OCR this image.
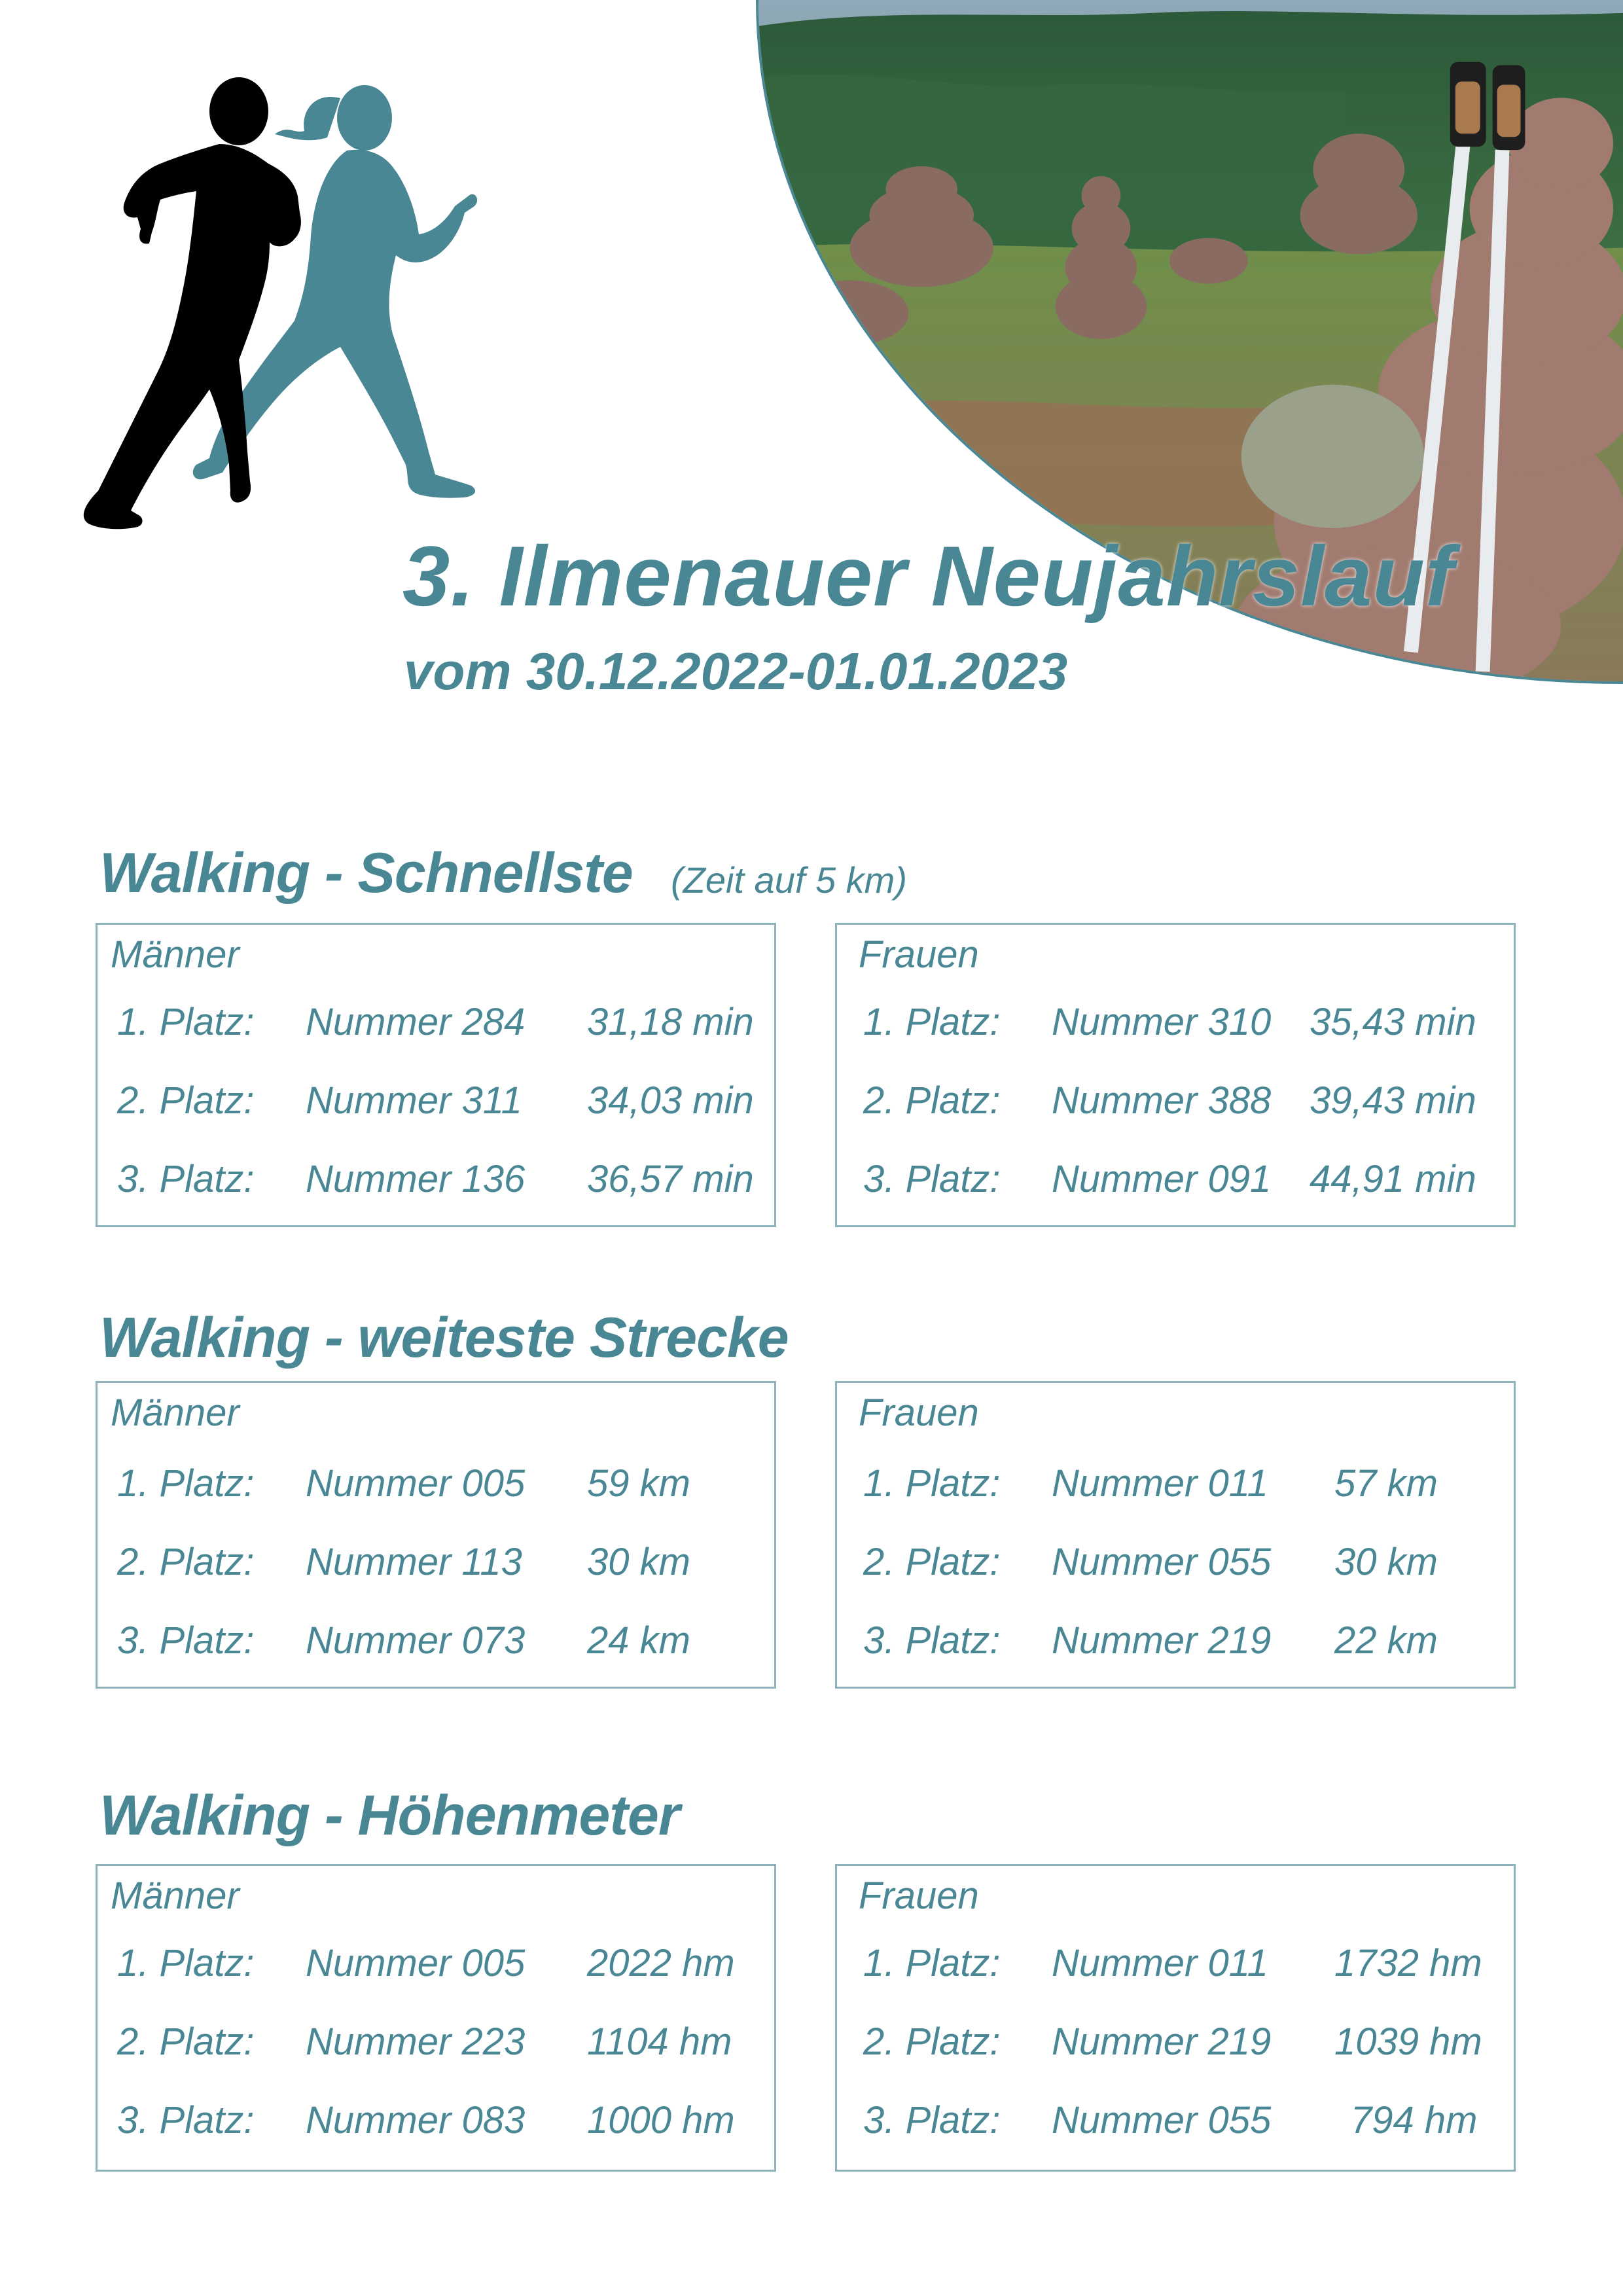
3. Ilmenauer Neujahrslauf
vom 30.12.2022-01.01.2023
Walking - Schnellste (Zeit auf 5 km)
Männer
1. Platz: Nummer 284 31,18 min
2. Platz: Nummer 311 34,03 min
3. Platz: Nummer 136 36,57 min
Frauen
1. Platz: Nummer 310 35,43 min
2. Platz: Nummer 388 39,43 min
3. Platz: Nummer 091 44,91 min
Walking - weiteste Strecke
Männer
1. Platz: Nummer 005 59 km
2. Platz: Nummer 113 30 km
3. Platz: Nummer 073 24 km
Frauen
1. Platz: Nummer 011 57 km
2. Platz: Nummer 055 30 km
3. Platz: Nummer 219 22 km
Walking - Höhenmeter
Männer
1. Platz: Nummer 005 2022 hm
2. Platz: Nummer 223 1104 hm
3. Platz: Nummer 083 1000 hm
Frauen
1. Platz: Nummer 011 1732 hm
2. Platz: Nummer 219 1039 hm
3. Platz: Nummer 055 794 hm
